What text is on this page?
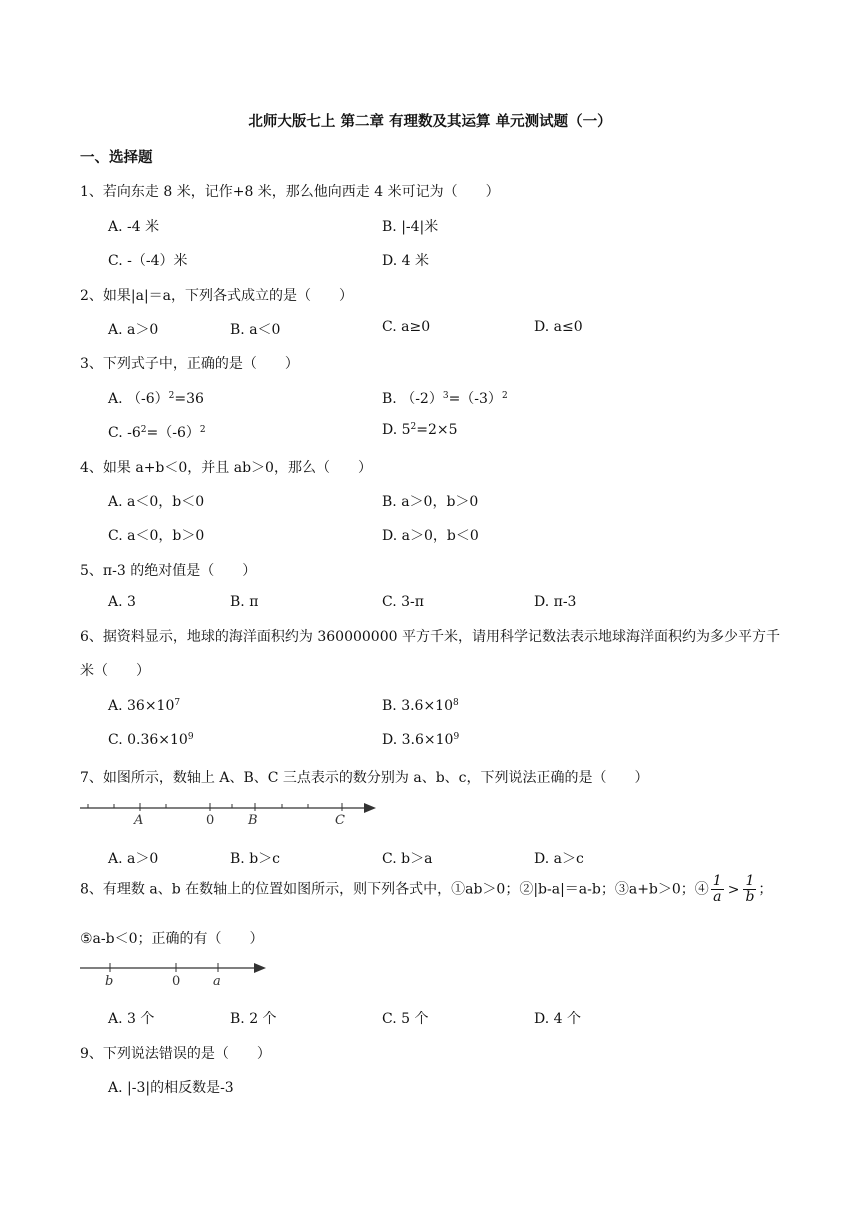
北师大版七上 第二章 有理数及其运算 单元测试题（一）
一、选择题
1、若向东走 8 米，记作+8 米，那么他向西走 4 米可记为（　　）
A. -4 米	B. |-4|米
C. -（-4）米	D. 4 米
2、如果|a|＝a，下列各式成立的是（　　）
A. a＞0	B. a＜0	C. a≥0	D. a≤0
3、下列式子中，正确的是（　　）
A. $(-6)^2=36$	B. $(-2)^3=(-3)^2$
C. $-6^2=(-6)^2$	D. $5^2=2\times 5$
4、如果 a+b＜0，并且 ab＞0，那么（　　）
A. a＜0，b＜0	B. a＞0，b＞0
C. a＜0，b＞0	D. a＞0，b＜0
5、π-3 的绝对值是（　　）
A. 3	B. π	C. 3-π	D. π-3
6、据资料显示，地球的海洋面积约为 360000000 平方千米，请用科学记数法表示地球海洋面积约为多少平方千米（　　）
A. $36\times 10^7$	B. $3.6\times 10^8$
C. $0.36\times 10^9$	D. $3.6\times 10^9$
7、如图所示，数轴上 A、B、C 三点表示的数分别为 a、b、c，下列说法正确的是（　　）
A	0	B	C
A. a＞0	B. b＞c	C. b＞a	D. a＞c
8、有理数 a、b 在数轴上的位置如图所示，则下列各式中，①ab＞0；②|b-a|＝a-b；③a+b＞0；④ $\frac{1}{a} > \frac{1}{b}$ ；
⑤a-b＜0；正确的有（　　）
b	0	a
A. 3 个	B. 2 个	C. 5 个	D. 4 个
9、下列说法错误的是（　　）
A. |-3|的相反数是-3
